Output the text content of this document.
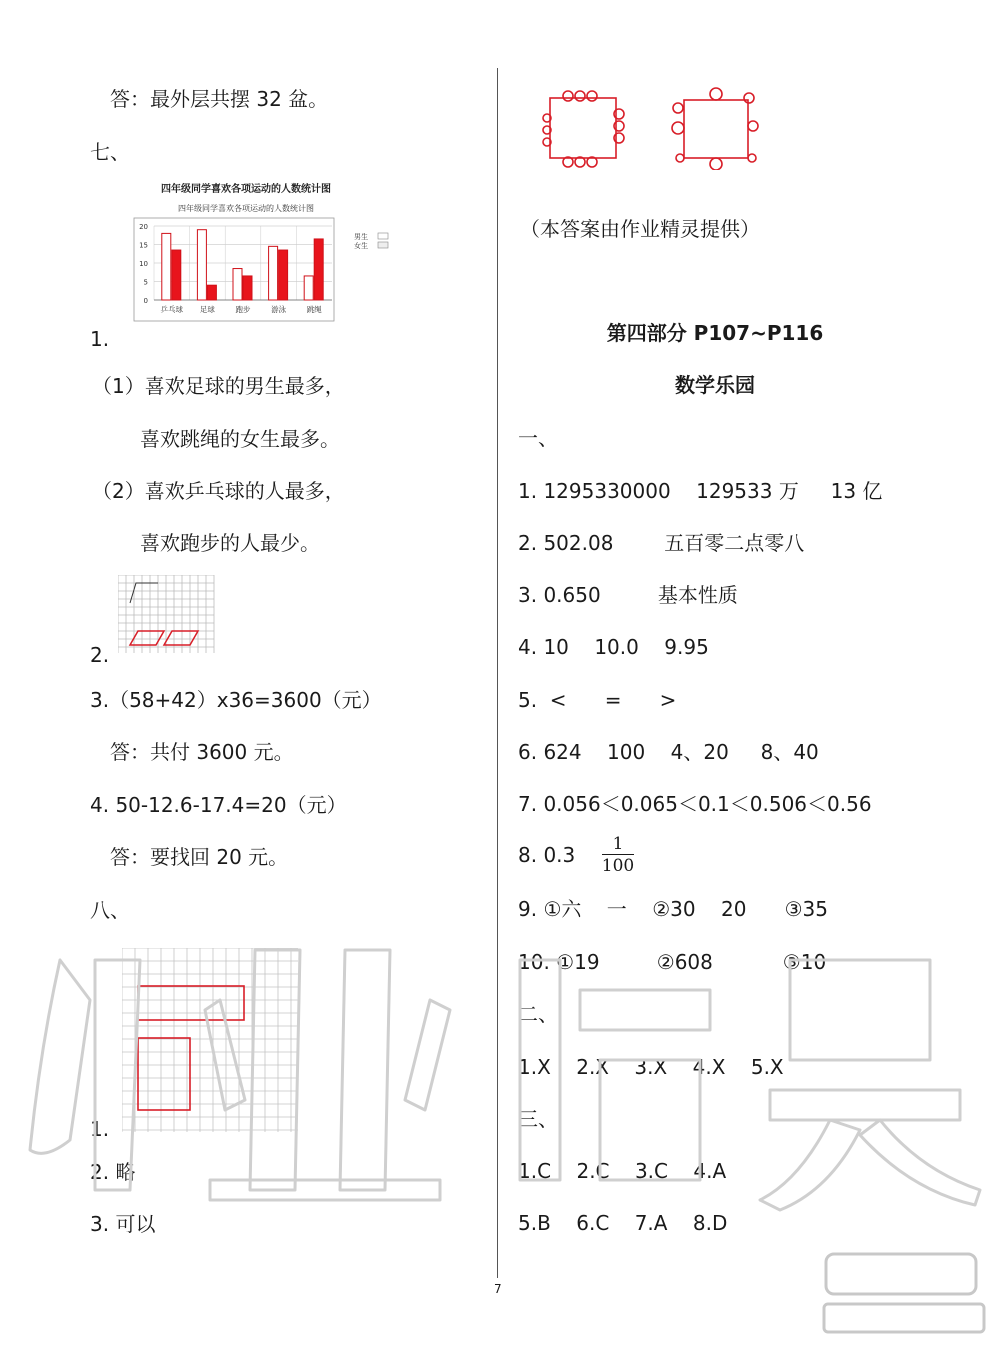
答：最外层共摆 32 盆。
七、
四年级同学喜欢各项运动的人数统计图
四年级同学喜欢各项运动的人数统计图
0
5
10
15
20
乒乓球 足球	跑步	游泳	跳绳
男生
女生
1.
（1）喜欢足球的男生最多，
喜欢跳绳的女生最多。
（2）喜欢乒乓球的人最多，
喜欢跑步的人最少。
2.
3.（58+42）x36=3600（元）
答：共付 3600 元。
4. 50-12.6-17.4=20（元）
答：要找回 20 元。
八、
1.
2. 略
3. 可以
（本答案由作业精灵提供）
第四部分 P107~P116
数学乐园
一、
1. 1295330000    129533 万     13 亿
2. 502.08        五百零二点零八
3. 0.650         基本性质
4. 10    10.0    9.95
5.  <      =      >
6. 624    100    4、20     8、40
7. 0.056＜0.065＜0.1＜0.506＜0.56
8. 0.3	1
100
9. ①六    一    ②30    20      ③35
10. ①19         ②608           ③10
二、
1.X    2.X    3.X    4.X    5.X
三、
1.C    2.C    3.C    4.A
5.B    6.C    7.A    8.D
7
